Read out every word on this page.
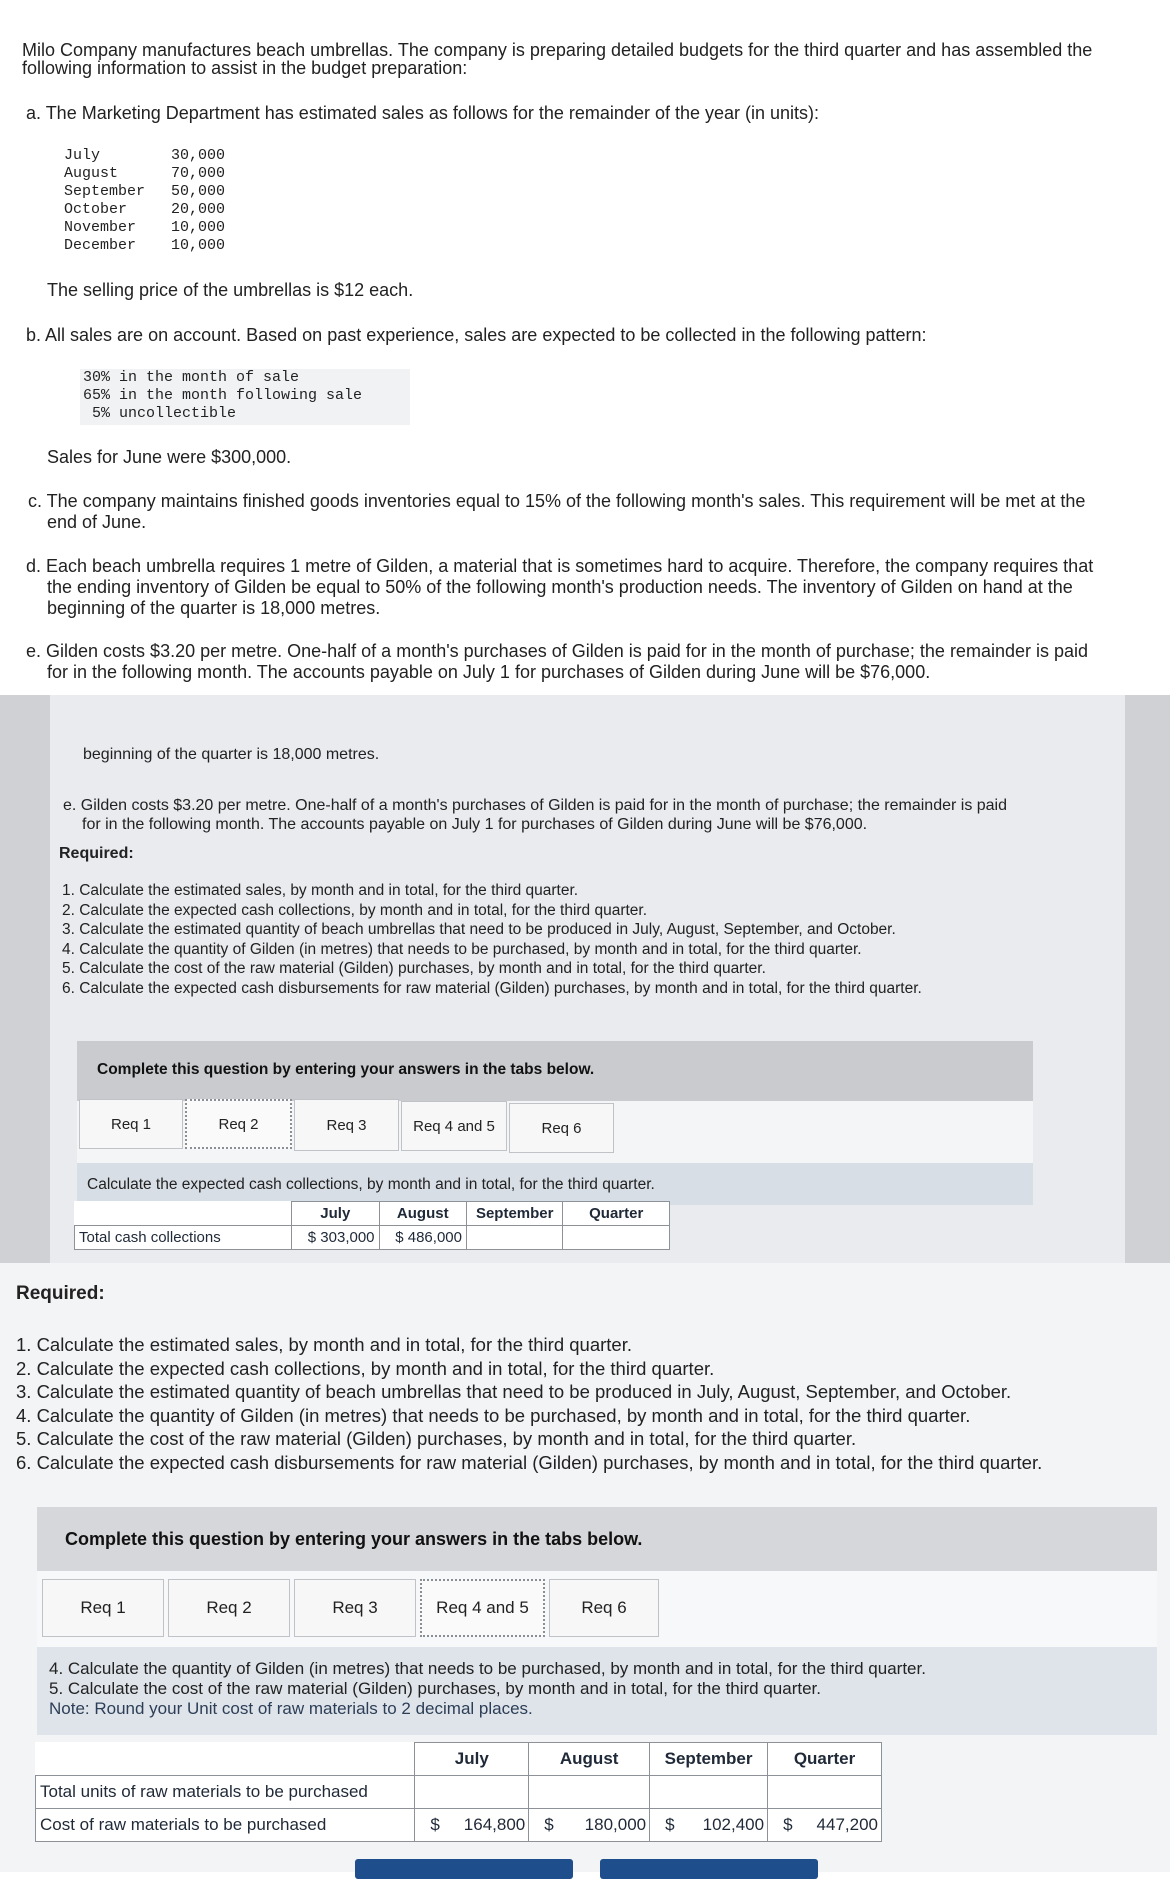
Milo Company manufactures beach umbrellas. The company is preparing detailed budgets for the third quarter and has assembled the
following information to assist in the budget preparation:
a. The Marketing Department has estimated sales as follows for the remainder of the year (in units):
July	30,000
August	70,000
September 50,000
October	20,000
November 10,000
December 10,000
The selling price of the umbrellas is $12 each.
b. All sales are on account. Based on past experience, sales are expected to be collected in the following pattern:
30% in the month of sale
65% in the month following sale
5% uncollectible
Sales for June were $300,000.
c. The company maintains finished goods inventories equal to 15% of the following month's sales. This requirement will be met at the
end of June.
d. Each beach umbrella requires 1 metre of Gilden, a material that is sometimes hard to acquire. Therefore, the company requires that
the ending inventory of Gilden be equal to 50% of the following month's production needs. The inventory of Gilden on hand at the
beginning of the quarter is 18,000 metres.
e. Gilden costs $3.20 per metre. One-half of a month's purchases of Gilden is paid for in the month of purchase; the remainder is paid
for in the following month. The accounts payable on July 1 for purchases of Gilden during June will be $76,000.
beginning of the quarter is 18,000 metres.
e. Gilden costs $3.20 per metre. One-half of a month's purchases of Gilden is paid for in the month of purchase; the remainder is paid
for in the following month. The accounts payable on July 1 for purchases of Gilden during June will be $76,000.
Required:
1. Calculate the estimated sales, by month and in total, for the third quarter.
2. Calculate the expected cash collections, by month and in total, for the third quarter.
3. Calculate the estimated quantity of beach umbrellas that need to be produced in July, August, September, and October.
4. Calculate the quantity of Gilden (in metres) that needs to be purchased, by month and in total, for the third quarter.
5. Calculate the cost of the raw material (Gilden) purchases, by month and in total, for the third quarter.
6. Calculate the expected cash disbursements for raw material (Gilden) purchases, by month and in total, for the third quarter.
Complete this question by entering your answers in the tabs below.
Req 1	Req 2	Req 3	Req 4 and 5	Req 6
Calculate the expected cash collections, by month and in total, for the third quarter.
	July	August	September	Quarter
Total cash collections	$ 303,000	$ 486,000		
Required:
1. Calculate the estimated sales, by month and in total, for the third quarter.
2. Calculate the expected cash collections, by month and in total, for the third quarter.
3. Calculate the estimated quantity of beach umbrellas that need to be produced in July, August, September, and October.
4. Calculate the quantity of Gilden (in metres) that needs to be purchased, by month and in total, for the third quarter.
5. Calculate the cost of the raw material (Gilden) purchases, by month and in total, for the third quarter.
6. Calculate the expected cash disbursements for raw material (Gilden) purchases, by month and in total, for the third quarter.
Complete this question by entering your answers in the tabs below.
Req 1	Req 2	Req 3	Req 4 and 5	Req 6
4. Calculate the quantity of Gilden (in metres) that needs to be purchased, by month and in total, for the third quarter.
5. Calculate the cost of the raw material (Gilden) purchases, by month and in total, for the third quarter.
Note: Round your Unit cost of raw materials to 2 decimal places.
	July	August	September	Quarter
Total units of raw materials to be purchased				
Cost of raw materials to be purchased	$ 164,800	$ 180,000	$ 102,400	$ 447,200
